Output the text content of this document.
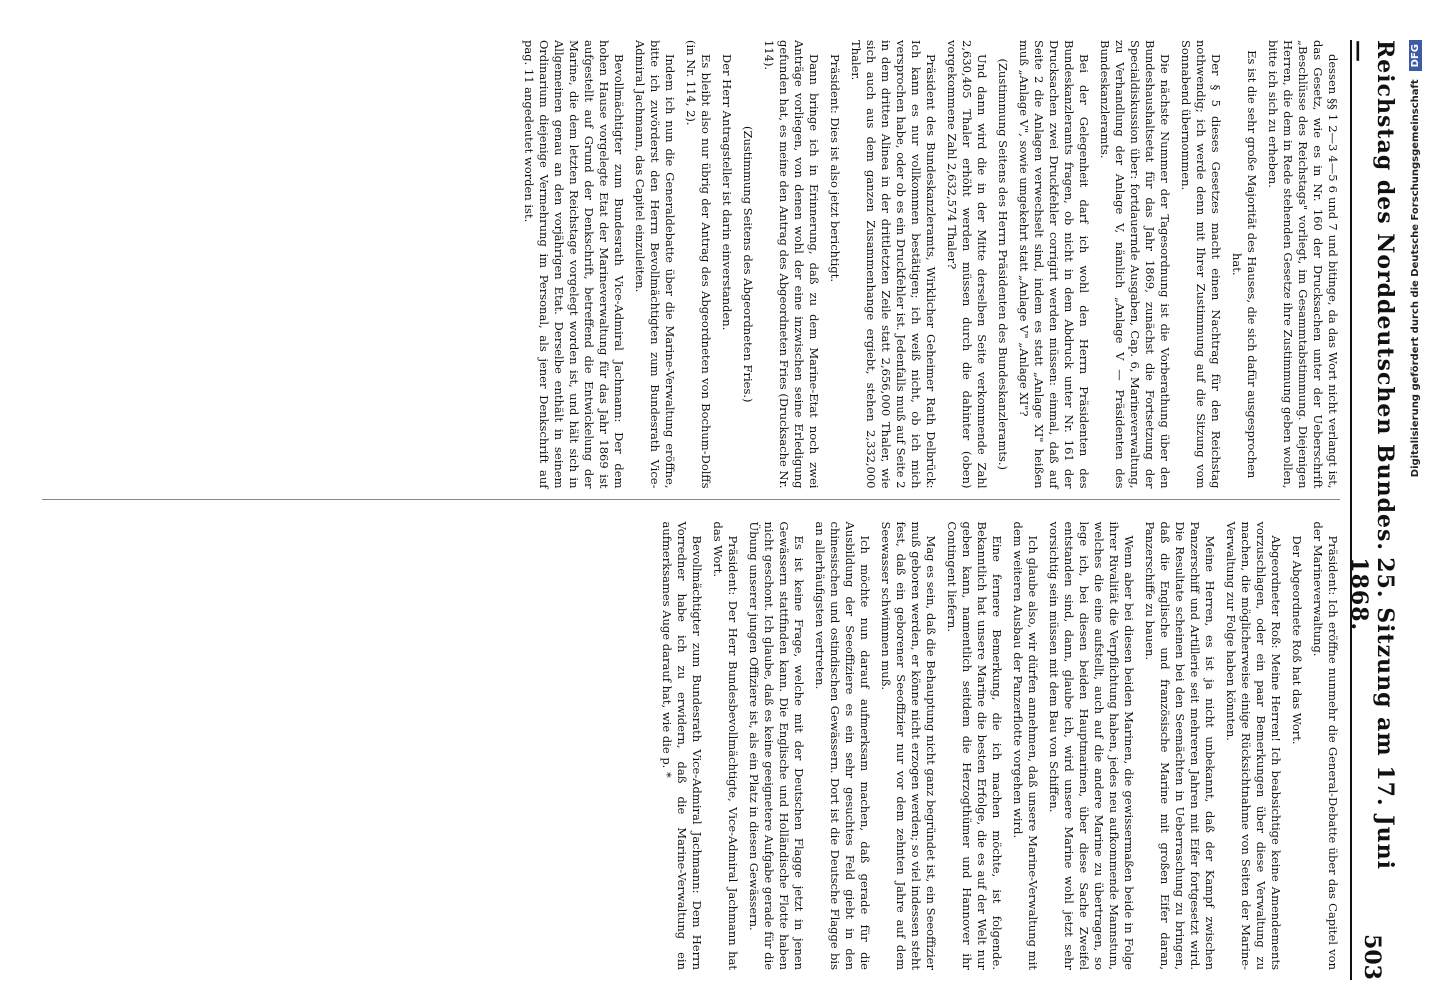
Reichstag des Norddeutschen Bundes. —
25. Sitzung am 17. Juni 1868.
503

dessen §§ 1 2—3 4—5 6 und 7 und bitinge, da das Wort nicht verlangt ist, das Gesetz, wie es in Nr. 160 der Drucksachen unter der Ueberschrift „Beschlüsse des Reichstags" vorliegt, im Gesammtabstimmung. Diejenigen Herren, die dem in Rede stehenden Gesetze ihre Zustimmung geben wollen, bitte ich sich zu erheben.

Es ist die sehr große Majorität des Hauses, die sich dafür ausgesprochen hat.

Der § 5 dieses Gesetzes macht einen Nachtrag für den Reichstag nothwendig; ich werde denn mit Ihrer Zustimmung auf die Sitzung vom Sonnabend übernommen.

Die nächste Nummer der Tagesordnung ist die Vorberathung über den Bundeshaushaltsetat für das Jahr 1869, zunächst die Fortsetzung der Specialdiskussion über: fortdauernde Ausgaben, Cap. 6, Marineverwaltung, zu Verhandlung der Anlage V, nämlich „Anlage V — Präsidenten des Bundeskanzleramts.

Bei der Gelegenheit darf ich wohl den Herrn Präsidenten des Bundeskanzleramts fragen, ob nicht in dem Abdruck unter Nr. 161 der Drucksachen zwei Druckfehler corrigirt werden müssen: einmal, daß auf Seite 2 die Anlagen verwechselt sind, indem es statt „Anlage XI" heißen muß „Anlage V", sowie umgekehrt statt „Anlage V" „Anlage XI"?

(Zustimmung Seitens des Herrn Präsidenten des Bundeskanzleramts.)

Und dann wird die in der Mitte derselben Seite verkommende Zahl 2,630,405 Thaler erhöht werden müssen durch die dahinter (oben) vorgekommene Zahl 2,632,574 Thaler?

Präsident des Bundeskanzleramts, Wirklicher Geheimer Rath Delbrück: Ich kann es nur vollkommen bestätigen; ich weiß nicht, ob ich mich versprochen habe, oder ob es ein Druckfehler ist. Jedenfalls muß auf Seite 2 in dem dritten Alinea in der drittletzten Zeile statt 2,656,000 Thaler, wie sich auch aus dem ganzen Zusammenhange ergiebt, stehen 2,332,000 Thaler.

Präsident: Dies ist also jetzt berichtigt.

Dann bringe ich in Erinnerung, daß zu dem Marine-Etat noch zwei Anträge vorliegen, von denen wohl der eine inzwischen seine Erledigung gefunden hat, es meine den Antrag des Abgeordneten Fries (Drucksache Nr. 114).

(Zustimmung Seitens des Abgeordneten Fries.)

Der Herr Antragsteller ist darin einverstanden.

Es bleibt also nur übrig der Antrag des Abgeordneten von Bochum-Dolffs (in Nr. 114, 2).

Indem ich nun die Generaldebatte über die Marine-Verwaltung eröffne, bitte ich zuvörderst den Herrn Bevollmächtigten zum Bundesrath Vice-Admiral Jachmann, das Capitel einzuleiten.

Bevollmächtigter zum Bundesrath Vice-Admiral Jachmann: Der dem hohen Hause vorgelegte Etat der Marineverwaltung für das Jahr 1869 ist aufgestellt auf Grund der Denkschrift, betreffend die Entwickelung der Marine, die dem letzten Reichstage vorgelegt worden ist, und hält sich in Allgemeinen genau an den vorjährigen Etat. Derselbe enthält in seinem Ordinarium diejenige Vermehrung im Personal, als jener Denkschrift auf pag. 11 angedeutet worden ist.

Präsident: Ich eröffne nunmehr die General-Debatte über das Capitel von der Marineverwaltung.

Der Abgeordnete Roß hat das Wort.

Abgeordneter Roß: Meine Herren! Ich beabsichtige keine Amendements vorzuschlagen, oder ein paar Bemerkungen über diese Verwaltung zu machen, die möglicherweise einige Rücksichtnahme von Seiten der Marine-Verwaltung zur Folge haben könnten.

Meine Herren, es ist ja nicht unbekannt, daß der Kampf zwischen Panzerschiff und Artillerie seit mehreren Jahren mit Eifer fortgesetzt wird. Die Resultate scheinen bei den Seemächten in Ueberraschung zu bringen, daß die Englische und französische Marine mit großen Eifer daran, Panzerschiffe zu bauen.

Wenn aber bei diesen beiden Marinen, die gewissermaßen beide in Folge ihrer Rivalität die Verpflichtung haben, jedes neu aufkommende Mannstum, welches die eine aufstellt, auch auf die andere Marine zu übertragen, so lege ich, bei diesen beiden Hauptmarinen, über diese Sache Zweifel entstanden sind, dann, glaube ich, wird unsere Marine wohl jetzt sehr vorsichtig sein müssen mit dem Bau von Schiffen.

Ich glaube also, wir dürfen annehmen, daß unsere Marine-Verwaltung mit dem weiteren Ausbau der Panzerflotte vorgehen wird.

Eine fernere Bemerkung, die ich machen möchte, ist folgende. Bekanntlich hat unsere Marine die besten Erfolge, die es auf der Welt nur geben kann, namentlich seitdem die Herzogthümer und Hannover ihr Contingent liefern.

Mag es sein, daß die Behauptung nicht ganz begründet ist, ein Seeoffizier muß geboren werden, er könne nicht erzogen werden; so viel indessen steht fest, daß ein geborener Seeoffizier nur vor dem zehnten Jahre auf dem Seewasser schwimmen muß.

Ich möchte nun darauf aufmerksam machen, daß gerade für die Ausbildung der Seeoffiziere es ein sehr gesuchtes Feld giebt in den chinesischen und ostindischen Gewässern. Dort ist die Deutsche Flagge bis an allerhäufigsten vertreten.

Es ist keine Frage, welche mit der Deutschen Flagge jetzt in jenen Gewässern stattfinden kann. Die Englische und Holländische Flotte haben nicht geschont. Ich glaube, daß es keine geeignetere Aufgabe gerade für die Übung unserer jungen Offiziere ist, als ein Platz in diesen Gewässern.

Präsident: Der Herr Bundesbevollmächtigte, Vice-Admiral Jachmann hat das Wort.

Bevollmächtigter zum Bundesrath Vice-Admiral Jachmann: Dem Herrn Vorredner habe ich zu erwidern, daß die Marine-Verwaltung ein aufmerksames Auge darauf hat, wie die p. *

Digitalisierung gefördert durch die Deutsche Forschungsgemeinschaft
DFG
